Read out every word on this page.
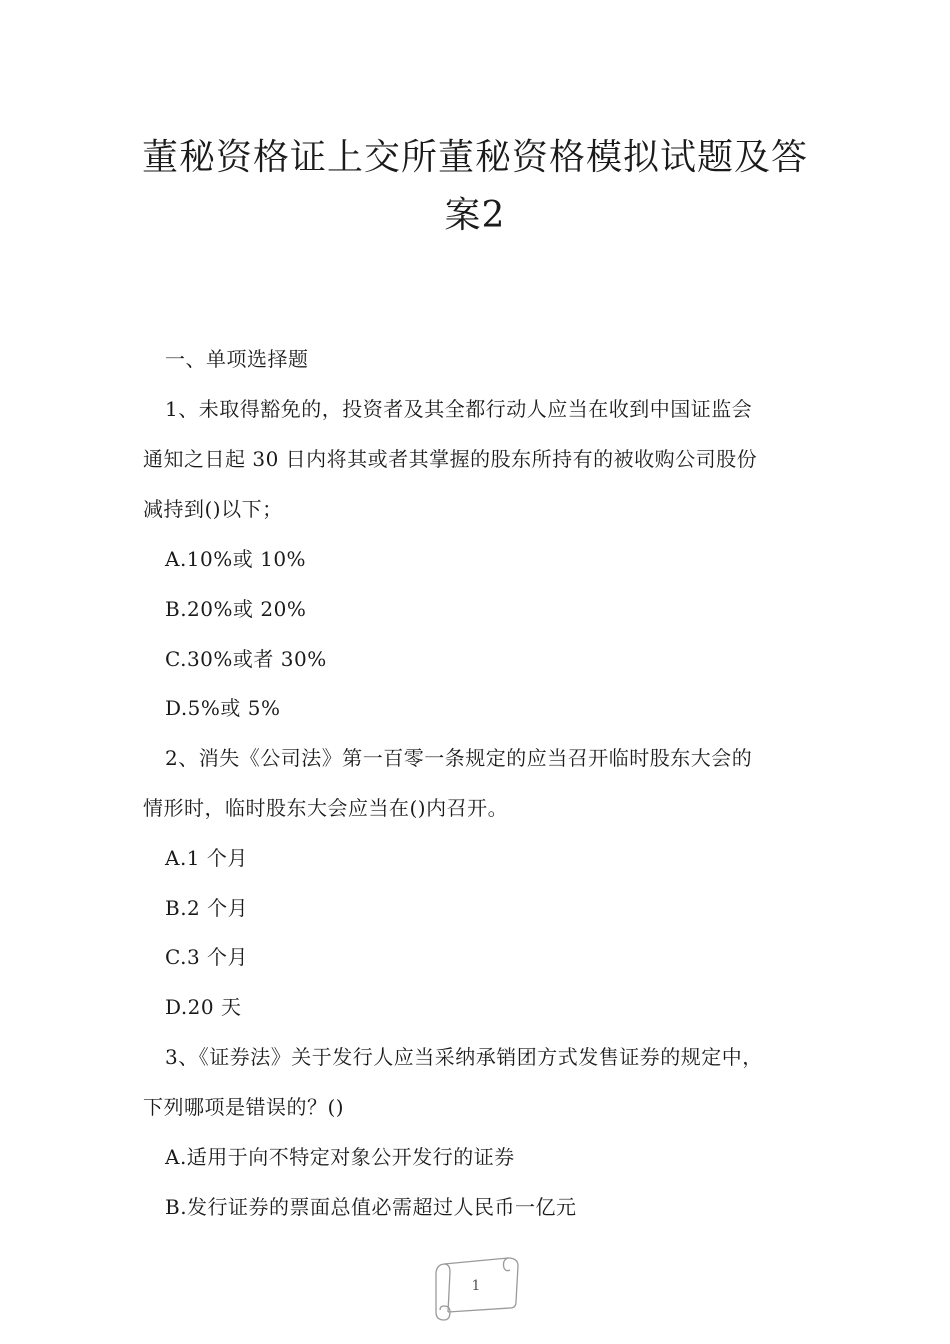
董秘资格证上交所董秘资格模拟试题及答
案2
一、单项选择题
1、未取得豁免的，投资者及其全都行动人应当在收到中国证监会
通知之日起 30 日内将其或者其掌握的股东所持有的被收购公司股份
减持到()以下；
A.10%或 10%
B.20%或 20%
C.30%或者 30%
D.5%或 5%
2、消失《公司法》第一百零一条规定的应当召开临时股东大会的
情形时，临时股东大会应当在()内召开。
A.1 个月
B.2 个月
C.3 个月
D.20 天
3、《证券法》关于发行人应当采纳承销团方式发售证券的规定中，
下列哪项是错误的？()
A.适用于向不特定对象公开发行的证券
B.发行证券的票面总值必需超过人民币一亿元
1
